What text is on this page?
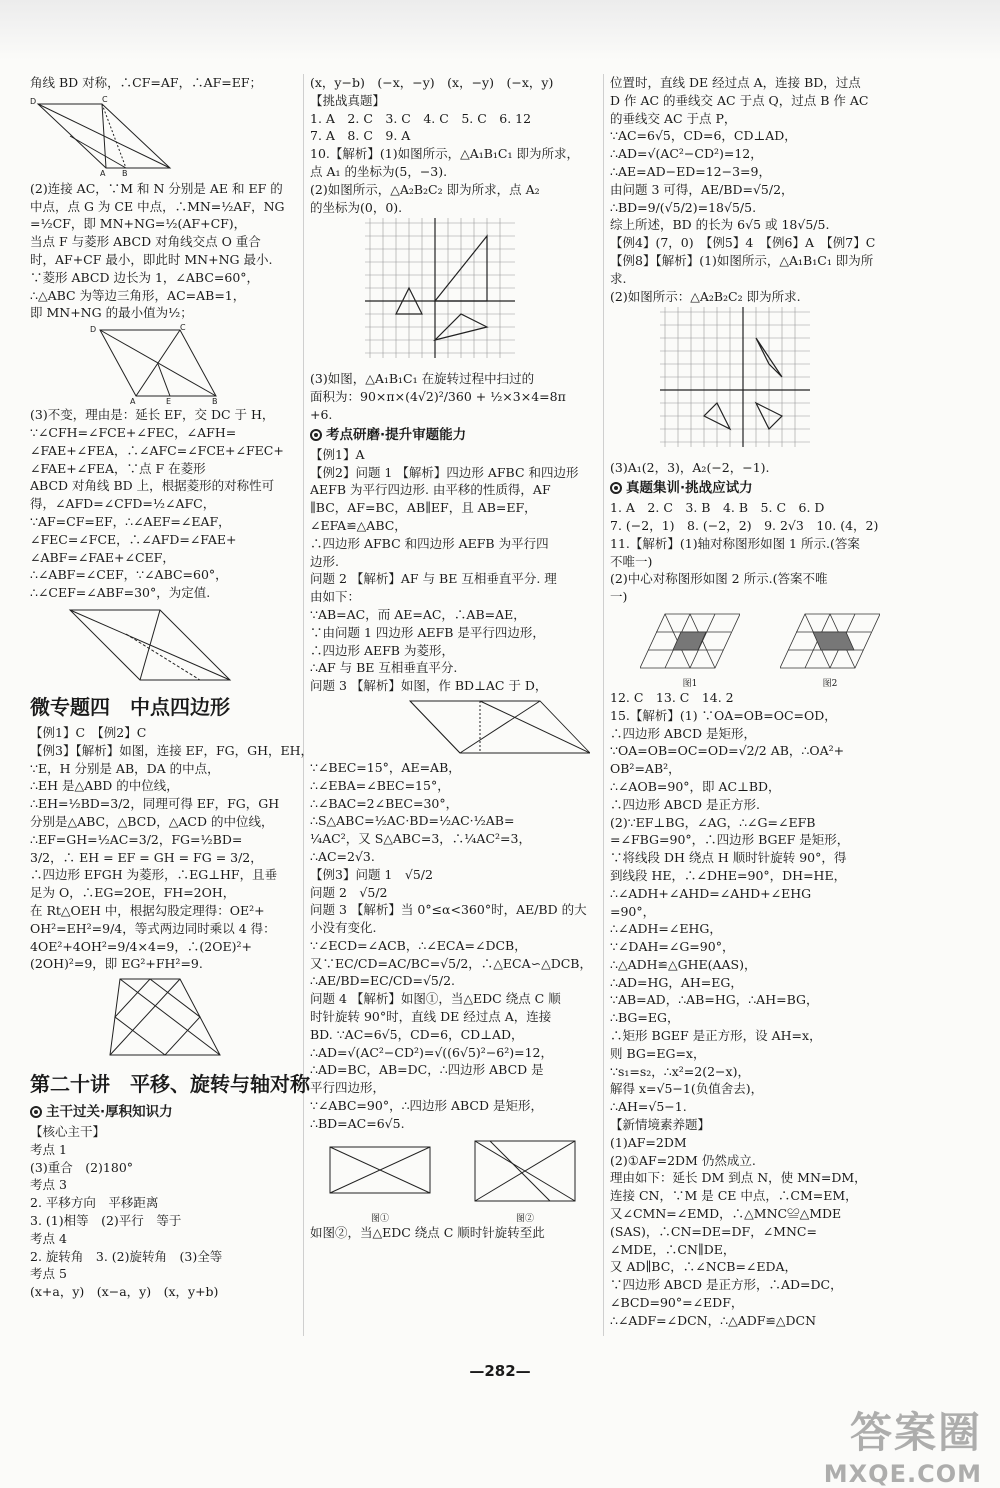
角线 BD 对称，∴CF=AF，∴AF=EF；
D	C
A B
(2)连接 AC，∵M 和 N 分别是 AE 和 EF 的
中点，点 G 为 CE 中点，∴MN=½AF，NG
=½CF，即 MN+NG=½(AF+CF)，
当点 F 与菱形 ABCD 对角线交点 O 重合
时，AF+CF 最小，即此时 MN+NG 最小.
∵菱形 ABCD 边长为 1，∠ABC=60°，
∴△ABC 为等边三角形，AC=AB=1，
即 MN+NG 的最小值为½；
D	C
A	E	B
(3)不变，理由是：延长 EF，交 DC 于 H，
∵∠CFH=∠FCE+∠FEC，∠AFH=
∠FAE+∠FEA，∴∠AFC=∠FCE+∠FEC+
∠FAE+∠FEA，∵点 F 在菱形
ABCD 对角线 BD 上，根据菱形的对称性可
得，∠AFD=∠CFD=½∠AFC，
∵AF=CF=EF，∴∠AEF=∠EAF，
∠FEC=∠FCE，∴∠AFD=∠FAE+
∠ABF=∠FAE+∠CEF，
∴∠ABF=∠CEF，∵∠ABC=60°，
∴∠CEF=∠ABF=30°，为定值.
微专题四　中点四边形
【例1】C　【例2】C
【例3】【解析】如图，连接 EF，FG，GH，EH，
∵E，H 分别是 AB，DA 的中点，
∴EH 是△ABD 的中位线，
∴EH=½BD=3/2，同理可得 EF，FG，GH
分别是△ABC，△BCD，△ACD 的中位线，
∴EF=GH=½AC=3/2，FG=½BD=
3/2，∴ EH = EF = GH = FG = 3/2，
∴四边形 EFGH 为菱形，∴EG⊥HF，且垂
足为 O，∴EG=2OE，FH=2OH，
在 Rt△OEH 中，根据勾股定理得：OE²+
OH²=EH²=9/4，等式两边同时乘以 4 得：
4OE²+4OH²=9/4×4=9，∴(2OE)²+
(2OH)²=9，即 EG²+FH²=9.
第二十讲　平移、旋转与轴对称
主干过关·厚积知识力
【核心主干】
考点 1
(3)重合　(2)180°
考点 3
2. 平移方向　平移距离
3. (1)相等　(2)平行　等于
考点 4
2. 旋转角　3. (2)旋转角　(3)全等
考点 5
(x+a，y)　(x−a，y)　(x，y+b)
(x，y−b)　(−x，−y)　(x，−y)　(−x，y)
【挑战真题】
1. A　2. C　3. C　4. C　5. C　6. 12
7. A　8. C　9. A
10.【解析】(1)如图所示，△A₁B₁C₁ 即为所求，
点 A₁ 的坐标为(5，−3).
(2)如图所示，△A₂B₂C₂ 即为所求，点 A₂
的坐标为(0，0).
(3)如图，△A₁B₁C₁ 在旋转过程中扫过的
面积为：90×π×(4√2)²/360 + ½×3×4=8π
+6.
考点研磨·提升审题能力
【例1】A
【例2】问题 1 【解析】四边形 AFBC 和四边形
AEFB 为平行四边形. 由平移的性质得，AF
∥BC，AF=BC，AB∥EF，且 AB=EF，
∠EFA≌△ABC，
∴四边形 AFBC 和四边形 AEFB 为平行四
边形.
问题 2 【解析】AF 与 BE 互相垂直平分. 理
由如下：
∵AB=AC，而 AE=AC，∴AB=AE，
∵由问题 1 四边形 AEFB 是平行四边形，
∴四边形 AEFB 为菱形，
∴AF 与 BE 互相垂直平分.
问题 3 【解析】如图，作 BD⊥AC 于 D，
∵∠BEC=15°，AE=AB，
∴∠EBA=∠BEC=15°，
∴∠BAC=2∠BEC=30°，
∴S△ABC=½AC·BD=½AC·½AB=
¼AC²，又 S△ABC=3，∴¼AC²=3，
∴AC=2√3.
【例3】问题 1　√5/2
问题 2　√5/2
问题 3 【解析】当 0°≤α<360°时，AE/BD 的大
小没有变化.
∵∠ECD=∠ACB，∴∠ECA=∠DCB，
又∵EC/CD=AC/BC=√5/2，∴△ECA∽△DCB，
∴AE/BD=EC/CD=√5/2.
问题 4 【解析】如图①，当△EDC 绕点 C 顺
时针旋转 90°时，直线 DE 经过点 A，连接
BD. ∵AC=6√5，CD=6，CD⊥AD，
∴AD=√(AC²−CD²)=√((6√5)²−6²)=12，
∴AD=BC，AB=DC，∴四边形 ABCD 是
平行四边形，
∵∠ABC=90°，∴四边形 ABCD 是矩形，
∴BD=AC=6√5.
图①	图②
如图②，当△EDC 绕点 C 顺时针旋转至此
位置时，直线 DE 经过点 A，连接 BD，过点
D 作 AC 的垂线交 AC 于点 Q，过点 B 作 AC
的垂线交 AC 于点 P，
∵AC=6√5，CD=6，CD⊥AD，
∴AD=√(AC²−CD²)=12，
∴AE=AD−ED=12−3=9，
由问题 3 可得，AE/BD=√5/2，
∴BD=9/(√5/2)=18√5/5.
综上所述，BD 的长为 6√5 或 18√5/5.
【例4】(7，0)　【例5】4　【例6】A　【例7】C
【例8】【解析】(1)如图所示，△A₁B₁C₁ 即为所
求.
(2)如图所示：△A₂B₂C₂ 即为所求.
(3)A₁(2，3)，A₂(−2，−1).
真题集训·挑战应试力
1. A　2. C　3. B　4. B　5. C　6. D
7. (−2，1)　8. (−2，2)　9. 2√3　10. (4，2)
11.【解析】(1)轴对称图形如图 1 所示.(答案
不唯一)
(2)中心对称图形如图 2 所示.(答案不唯
一)
图1	图2
12. C　13. C　14. 2
15.【解析】(1) ∵OA=OB=OC=OD，
∴四边形 ABCD 是矩形，
∵OA=OB=OC=OD=√2/2 AB，∴OA²+
OB²=AB²，
∴∠AOB=90°，即 AC⊥BD，
∴四边形 ABCD 是正方形.
(2)∵EF⊥BG，∠AG，∴∠G=∠EFB
=∠FBG=90°，∴四边形 BGEF 是矩形，
∵将线段 DH 绕点 H 顺时针旋转 90°，得
到线段 HE，∴∠DHE=90°，DH=HE，
∴∠ADH+∠AHD=∠AHD+∠EHG
=90°，
∴∠ADH=∠EHG，
∵∠DAH=∠G=90°，
∴△ADH≌△GHE(AAS)，
∴AD=HG，AH=EG，
∵AB=AD，∴AB=HG，∴AH=BG，
∴BG=EG，
∴矩形 BGEF 是正方形，设 AH=x，
则 BG=EG=x，
∵s₁=s₂，∴x²=2(2−x)，
解得 x=√5−1(负值舍去)，
∴AH=√5−1.
【新情境素养题】
(1)AF=2DM
(2)①AF=2DM 仍然成立.
理由如下：延长 DM 到点 N，使 MN=DM，
连接 CN，∵M 是 CE 中点，∴CM=EM，
又∠CMN=∠EMD，∴△MNC≌△MDE
(SAS)，∴CN=DE=DF，∠MNC=
∠MDE，∴CN∥DE，
又 AD∥BC，∴∠NCB=∠EDA，
∵四边形 ABCD 是正方形，∴AD=DC，
∠BCD=90°=∠EDF，
∴∠ADF=∠DCN，∴△ADF≌△DCN
—282—
答案圈
MXQE.COM
